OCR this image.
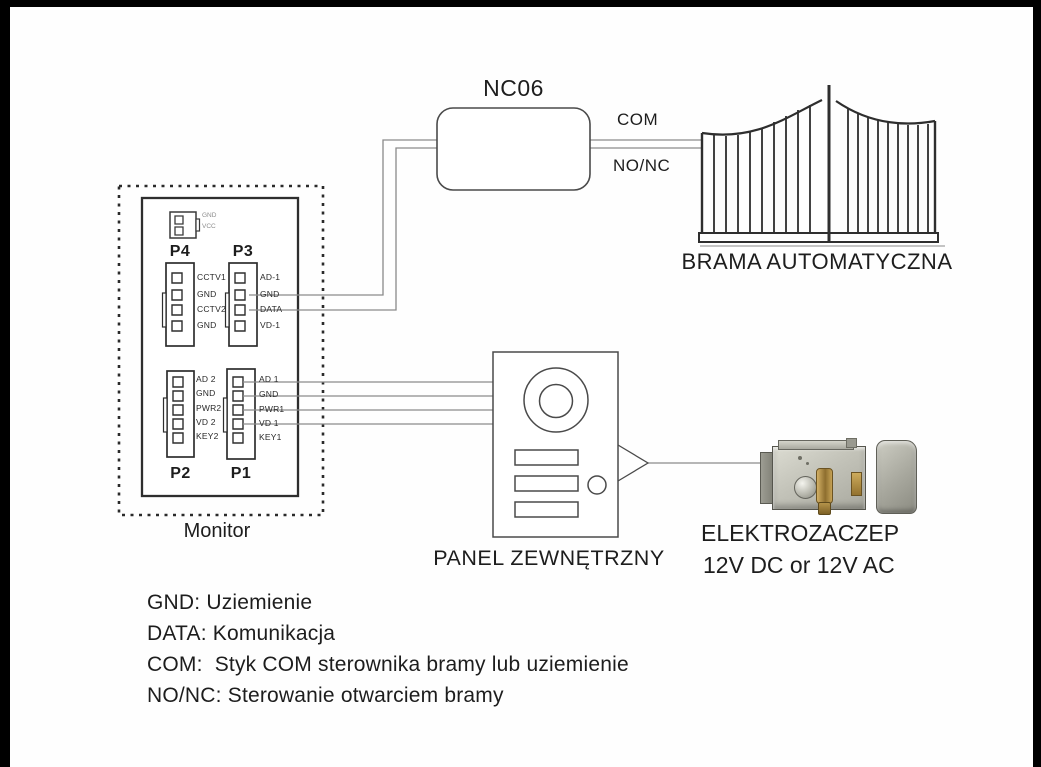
NC06
COM
NO/NC
BRAMA AUTOMATYCZNA
Monitor
PANEL ZEWNĘTRZNY
ELEKTROZACZEP
12V DC or 12V AC
P4	P3
P2 P1
GND
VCC
CCTV1
GND
CCTV2
GND
AD-1
GND
DATA
VD-1
AD 2
GND
PWR2
VD 2
KEY2
AD 1
GND
PWR1
VD 1
KEY1
GND: Uziemienie
DATA: Komunikacja
COM:  Styk COM sterownika bramy lub uziemienie
NO/NC: Sterowanie otwarciem bramy
